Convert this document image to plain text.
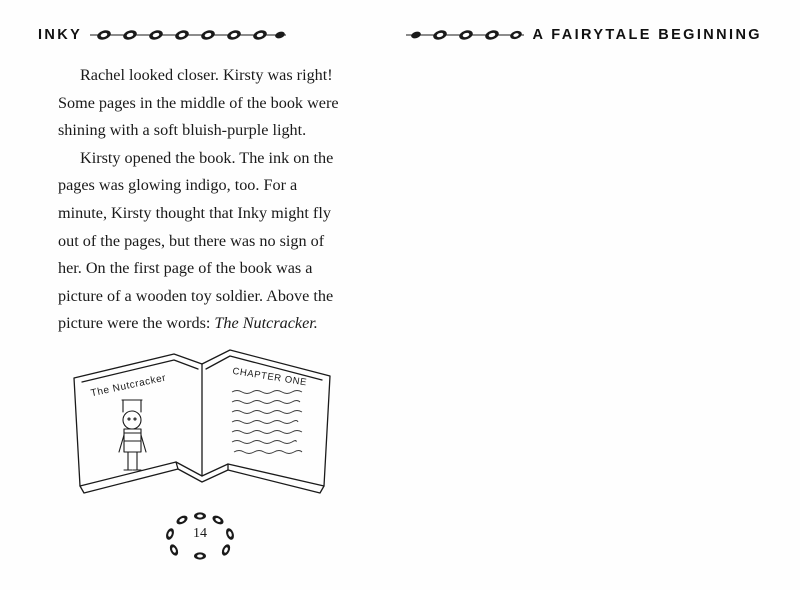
INKY

Rachel looked closer. Kirsty was right! Some pages in the middle of the book were shining with a soft bluish-purple light.

Kirsty opened the book. The ink on the pages was glowing indigo, too. For a minute, Kirsty thought that Inky might fly out of the pages, but there was no sign of her. On the first page of the book was a picture of a wooden toy soldier. Above the picture were the words: The Nutcracker.

The Nutcracker	CHAPTER ONE
14
A FAIRYTALE BEGINNING
